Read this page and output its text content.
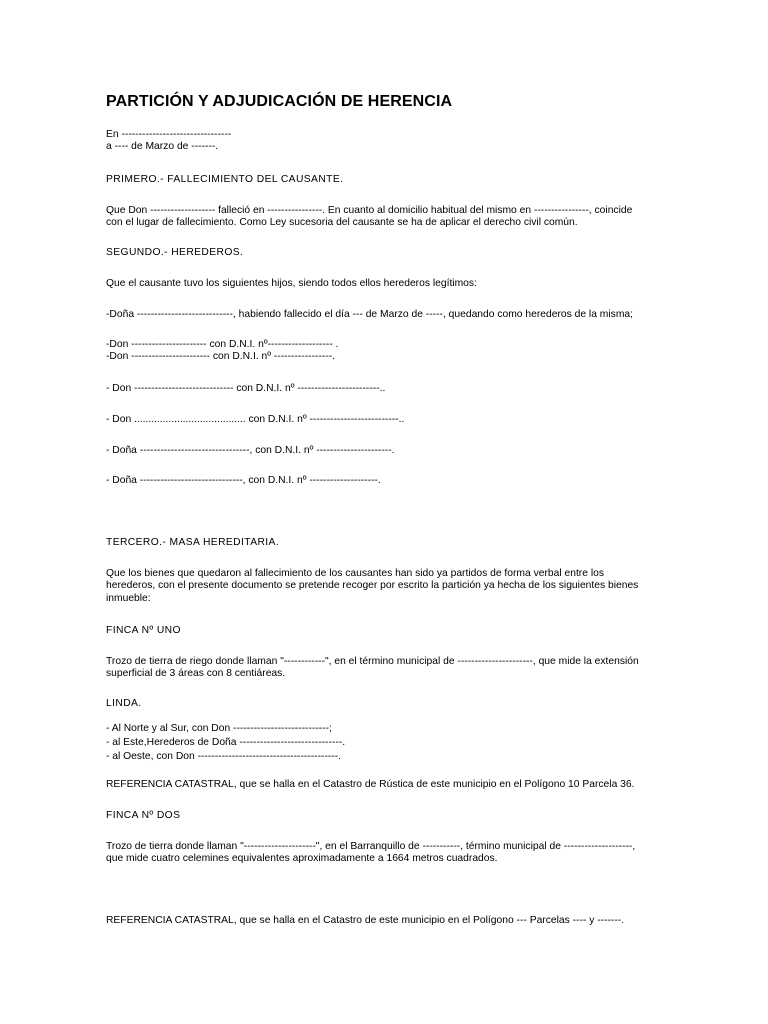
PARTICIÓN Y ADJUDICACIÓN DE HERENCIA

En --------------------------------

a ---- de Marzo de -------.

PRIMERO.- FALLECIMIENTO DEL CAUSANTE.

Que Don ------------------- falleció en ----------------. En cuanto al domicilio habitual del mismo en ----------------, coincide

con el lugar de fallecimiento. Como Ley sucesoria del causante se ha de aplicar el derecho civil común.

SEGUNDO.- HEREDEROS.

Que el causante tuvo los siguientes hijos, siendo todos ellos herederos legítimos:

-Doña ----------------------------, habiendo fallecido el día --- de Marzo de -----, quedando como herederos de la misma;

-Don ---------------------- con D.N.I. nº------------------- .

-Don ----------------------- con D.N.I. nº -----------------.

- Don ----------------------------- con D.N.I. nº ------------------------..

- Don ....................................... con D.N.I. nº --------------------------..

- Doña --------------------------------, con D.N.I. nº ----------------------.

- Doña ------------------------------, con D.N.I. nº --------------------.

TERCERO.- MASA HEREDITARIA.

Que los bienes que quedaron al fallecimiento de los causantes han sido ya partidos de forma verbal entre los

herederos, con el presente documento se pretende recoger por escrito la partición ya hecha de los siguientes bienes

inmueble:

FINCA Nº UNO

Trozo de tierra de riego donde llaman "------------", en el término municipal de ----------------------, que mide la extensión

superficial de 3 áreas con 8 centiáreas.

LINDA.

- Al Norte y al Sur, con Don ----------------------------;

- al Este,Herederos de Doña ------------------------------.

- al Oeste, con Don -----------------------------------------.

REFERENCIA CATASTRAL, que se halla en el Catastro de Rústica de este municipio en el Polígono 10 Parcela 36.

FINCA Nº DOS

Trozo de tierra donde llaman "---------------------", en el Barranquillo de -----------, término municipal de --------------------,

que mide cuatro celemines equivalentes aproximadamente a 1664 metros cuadrados.

REFERENCIA CATASTRAL, que se halla en el Catastro de este municipio en el Polígono --- Parcelas ---- y -------.
